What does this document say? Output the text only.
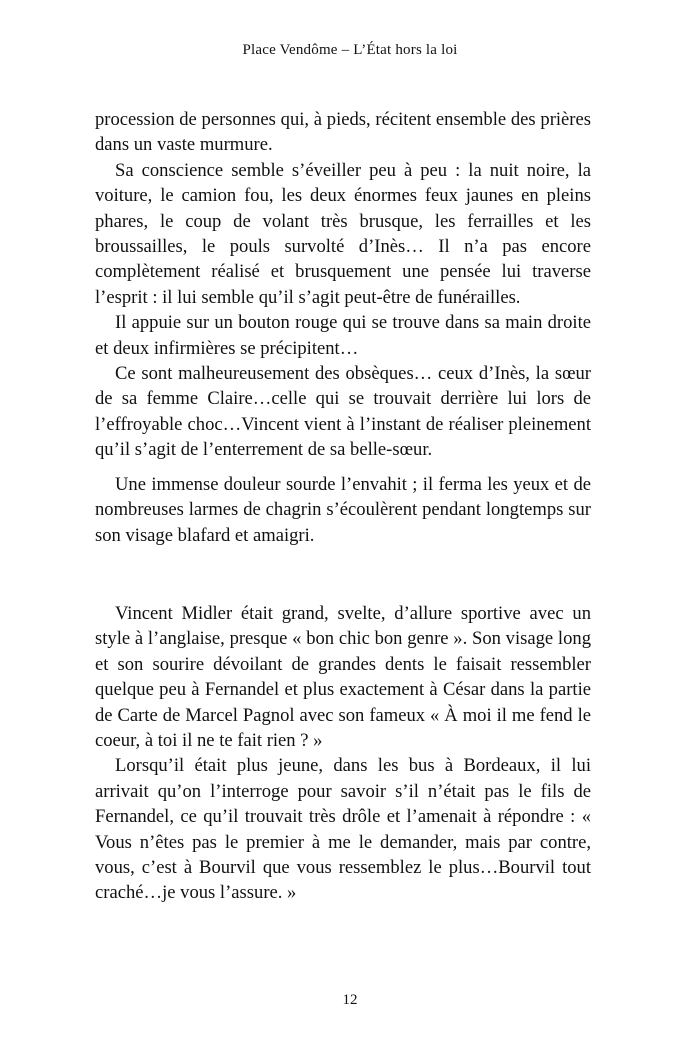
Place Vendôme – L’État hors la loi

procession de personnes qui, à pieds, récitent ensemble des prières dans un vaste murmure.

Sa conscience semble s’éveiller peu à peu : la nuit noire, la voiture, le camion fou, les deux énormes feux jaunes en pleins phares, le coup de volant très brusque, les ferrailles et les broussailles, le pouls survolté d’Inès… Il n’a pas encore complètement réalisé et brusquement une pensée lui traverse l’esprit : il lui semble qu’il s’agit peut-être de funérailles.

Il appuie sur un bouton rouge qui se trouve dans sa main droite et deux infirmières se précipitent…

Ce sont malheureusement des obsèques… ceux d’Inès, la sœur de sa femme Claire…celle qui se trouvait derrière lui lors de l’effroyable choc…Vincent vient à l’instant de réaliser pleinement qu’il s’agit de l’enterrement de sa belle-sœur.

Une immense douleur sourde l’envahit ; il ferma les yeux et de nombreuses larmes de chagrin s’écoulèrent pendant longtemps sur son visage blafard et amaigri.

Vincent Midler était grand, svelte, d’allure sportive avec un style à l’anglaise, presque « bon chic bon genre ». Son visage long et son sourire dévoilant de grandes dents le faisait ressembler quelque peu à Fernandel et plus exactement à César dans la partie de Carte de Marcel Pagnol avec son fameux « À moi il me fend le coeur, à toi il ne te fait rien ? »

Lorsqu’il était plus jeune, dans les bus à Bordeaux, il lui arrivait qu’on l’interroge pour savoir s’il n’était pas le fils de Fernandel, ce qu’il trouvait très drôle et l’amenait à répondre : « Vous n’êtes pas le premier à me le demander, mais par contre, vous, c’est à Bourvil que vous ressemblez le plus…Bourvil tout craché…je vous l’assure. »

12
